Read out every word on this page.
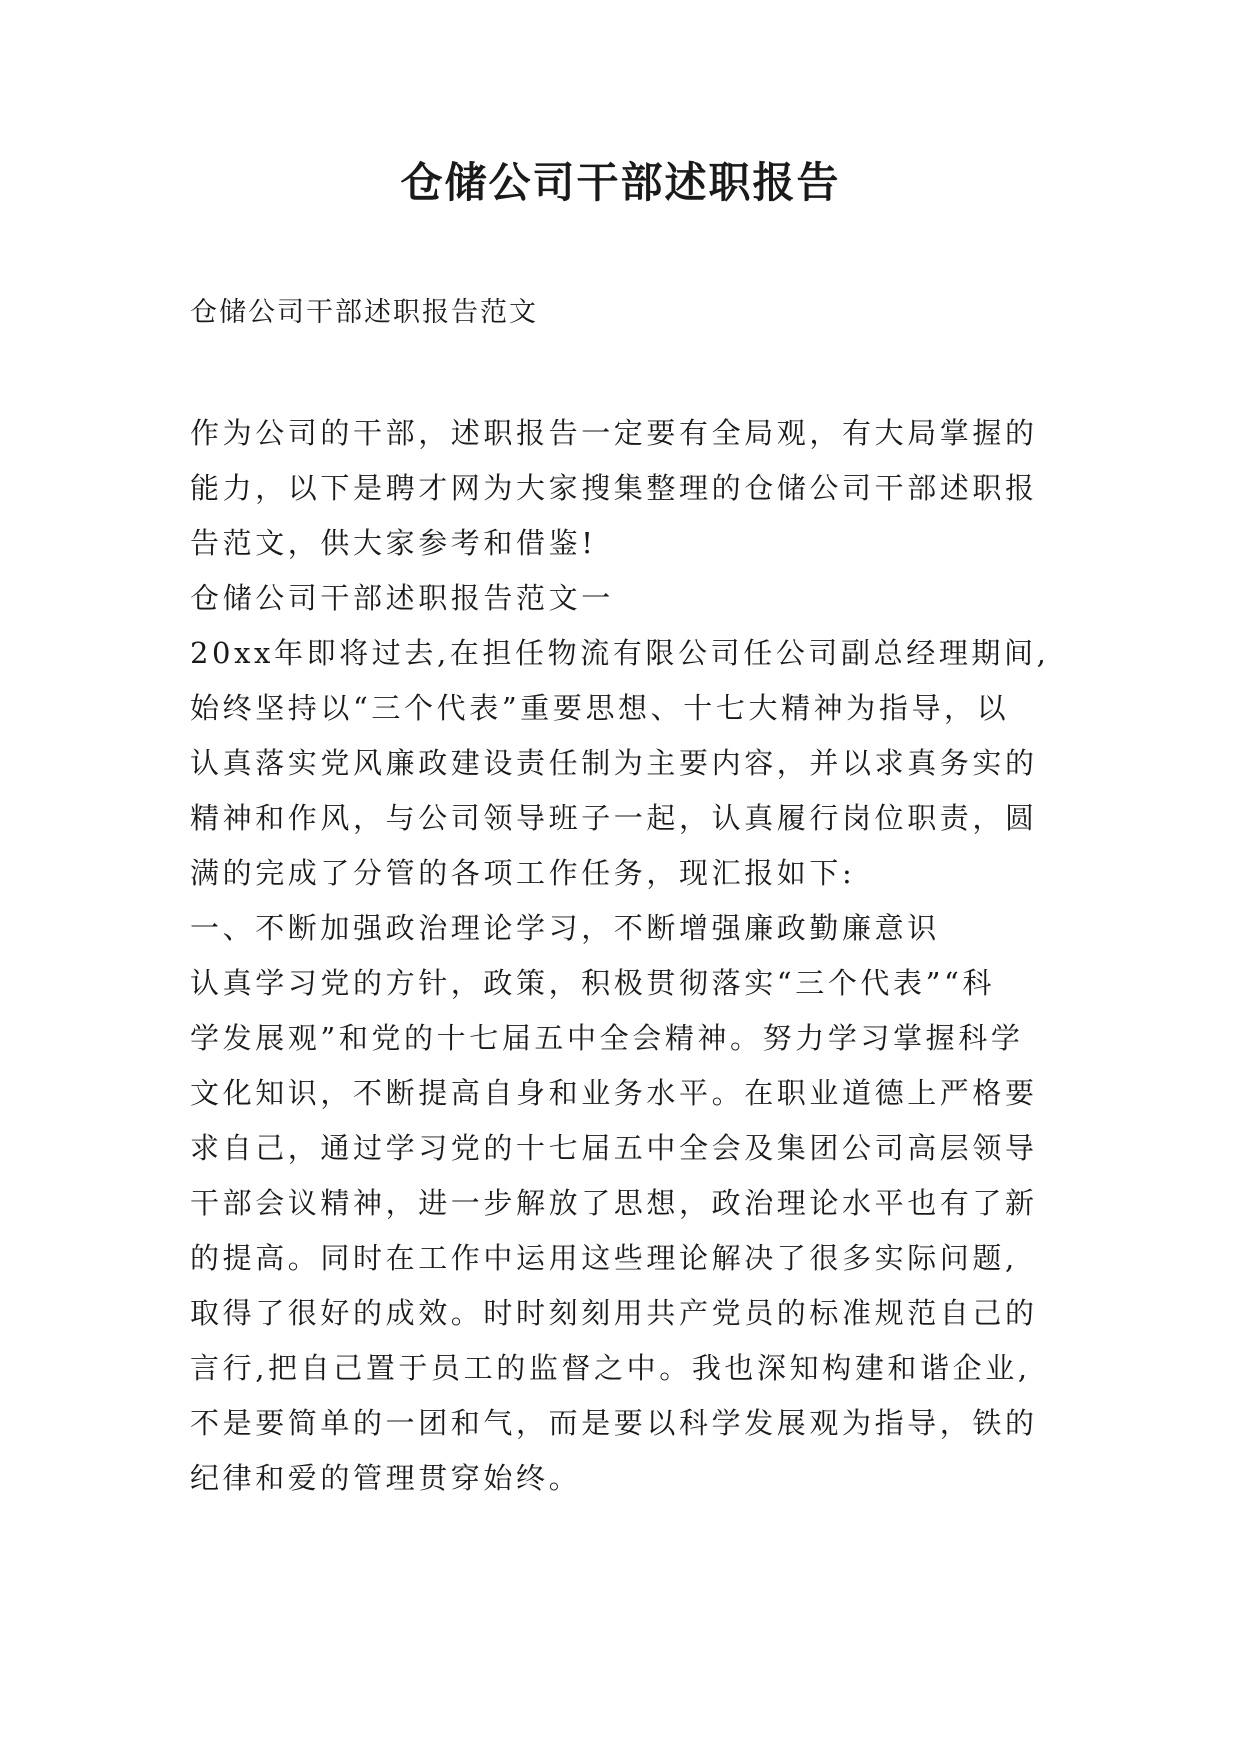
仓储公司干部述职报告

仓储公司干部述职报告范文

作为公司的干部，述职报告一定要有全局观，有大局掌握的
能力，以下是聘才网为大家搜集整理的仓储公司干部述职报
告范文，供大家参考和借鉴!
仓储公司干部述职报告范文一
20xx年即将过去,在担任物流有限公司任公司副总经理期间,
始终坚持以“三个代表”重要思想、十七大精神为指导，以
认真落实党风廉政建设责任制为主要内容，并以求真务实的
精神和作风，与公司领导班子一起，认真履行岗位职责，圆
满的完成了分管的各项工作任务，现汇报如下:
一、不断加强政治理论学习，不断增强廉政勤廉意识
认真学习党的方针，政策，积极贯彻落实“三个代表”“科
学发展观”和党的十七届五中全会精神。努力学习掌握科学
文化知识，不断提高自身和业务水平。在职业道德上严格要
求自己，通过学习党的十七届五中全会及集团公司高层领导
干部会议精神，进一步解放了思想，政治理论水平也有了新
的提高。同时在工作中运用这些理论解决了很多实际问题,
取得了很好的成效。时时刻刻用共产党员的标准规范自己的
言行,把自己置于员工的监督之中。我也深知构建和谐企业,
不是要简单的一团和气，而是要以科学发展观为指导，铁的
纪律和爱的管理贯穿始终。
